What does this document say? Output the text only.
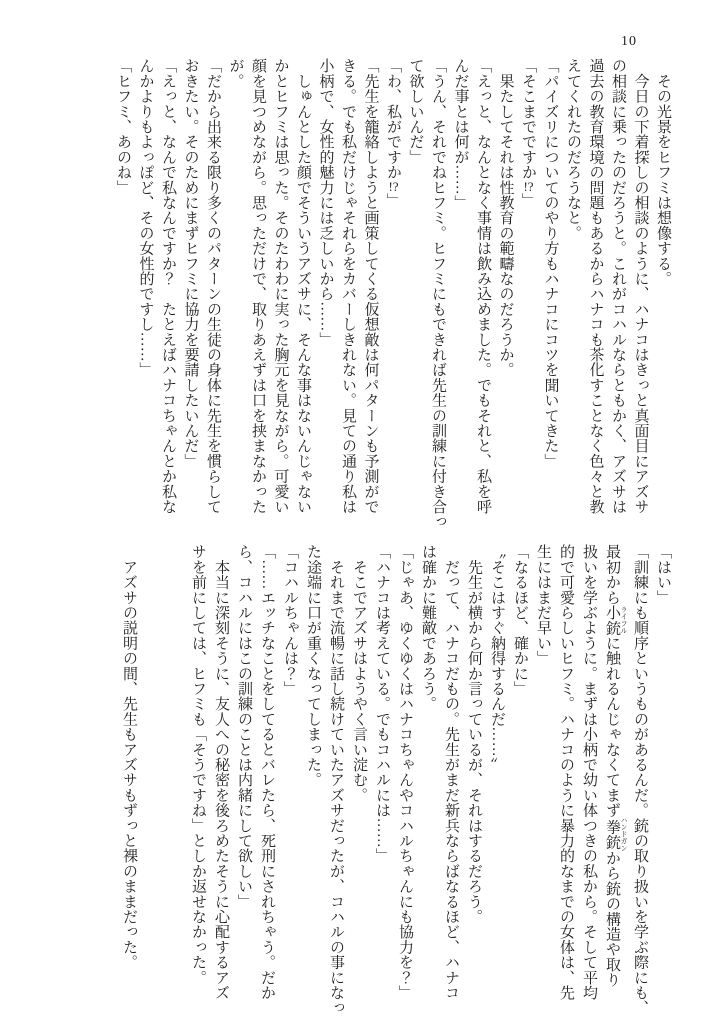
10
　その光景をヒフミは想像する。
　今日の下着探しの相談のように、ハナコはきっと真面目にアズサ
の相談に乗ったのだろうと。これがコハルならともかく、アズサは
過去の教育環境の問題もあるからハナコも茶化すことなく色々と教
えてくれたのだろうなと。
「パイズリについてのやり方もハナコにコツを聞いてきた」
「そこまでですか!?」
　果たしてそれは性教育の範疇なのだろうか。
「えっと、なんとなく事情は飲み込めました。でもそれと、私を呼
んだ事とは何が……」
「うん、それでねヒフミ。ヒフミにもできれば先生の訓練に付き合っ
て欲しいんだ」
「わ、私がですか!?」
「先生を籠絡しようと画策してくる仮想敵は何パターンも予測がで
きる。でも私だけじゃそれらをカバーしきれない。見ての通り私は
小柄で、女性的魅力には乏しいから……」
　しゅんとした顔でそういうアズサに、そんな事はないんじゃない
かとヒフミは思った。そのたわわに実った胸元を見ながら。可愛い
顔を見つめながら。思っただけで、取りあえずは口を挟まなかった
が。
「だから出来る限り多くのパターンの生徒の身体に先生を慣らして
おきたい。そのためにまずヒフミに協力を要請したいんだ」
「えっと、なんで私なんですか？　たとえばハナコちゃんとか私な
んかよりもよっぽど、その女性的ですし……」
「ヒフミ、あのね」
「はい」
「訓練にも順序というものがあるんだ。銃の取り扱いを学ぶ際にも、
最初から小銃 ライフルに触れるんじゃなくてまず拳銃 ハンドガンから銃の構造や取り
扱いを学ぶように。まずは小柄で幼い体つきの私から。そして平均
的で可愛らしいヒフミ。ハナコのように暴力的なまでの女体は、先
生にはまだ早い」
「なるほど、確かに」
〝そこはすぐ納得するんだ……〞
　先生が横から何か言っているが、それはするだろう。
　だって、ハナコだもの。先生がまだ新兵ならばなるほど、ハナコ
は確かに難敵であろう。
「じゃあ、ゆくゆくはハナコちゃんやコハルちゃんにも協力を？」
「ハナコは考えている。でもコハルには……」
　そこでアズサはようやく言い淀む。
　それまで流暢に話し続けていたアズサだったが、コハルの事になっ
た途端に口が重くなってしまった。
「コハルちゃんは？」
「……エッチなことをしてるとバレたら、死刑にされちゃう。だか
ら、コハルにはこの訓練のことは内緒にして欲しい」
　本当に深刻そうに、友人への秘密を後ろめたそうに心配するアズ
サを前にしては、ヒフミも「そうですね」としか返せなかった。

　アズサの説明の間、先生もアズサもずっと裸のままだった。
